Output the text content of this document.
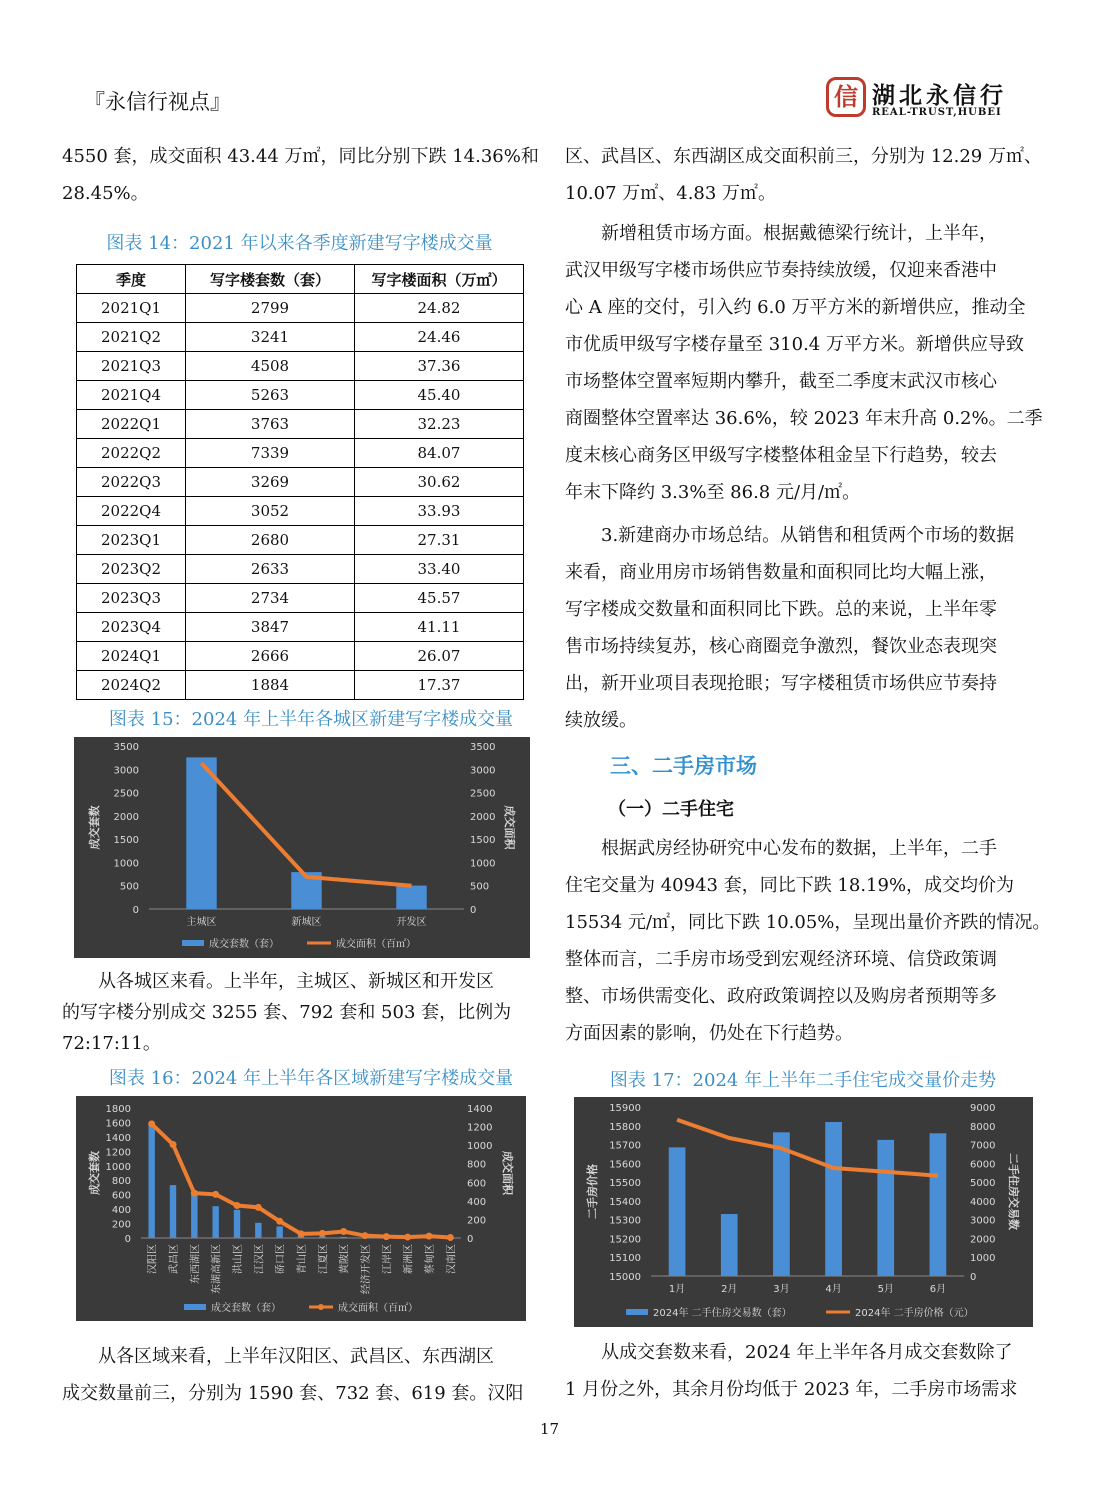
『永信行视点』	信 湖北永信行
REAL-TRUST,HUBEI

4550 套，成交面积 43.44 万㎡，同比分别下跌 14.36%和

28.45%。

图表 14：2021 年以来各季度新建写字楼成交量
季度	写字楼套数（套）	写字楼面积（万㎡）
2021Q1	2799	24.82
2021Q2	3241	24.46
2021Q3	4508	37.36
2021Q4	5263	45.40
2022Q1	3763	32.23
2022Q2	7339	84.07
2022Q3	3269	30.62
2022Q4	3052	33.93
2023Q1	2680	27.31
2023Q2	2633	33.40
2023Q3	2734	45.57
2023Q4	3847	41.11
2024Q1	2666	26.07
2024Q2	1884	17.37
图表 15：2024 年上半年各城区新建写字楼成交量
0
500
1000
1500
2000
2500
3000
3500
0
500
1000
1500
2000
2500
3000
3500
成交套数	成交面积
主城区	新城区	开发区
成交套数（套）	成交面积（百㎡）

从各城区来看。上半年，主城区、新城区和开发区

的写字楼分别成交 3255 套、792 套和 503 套，比例为

72:17:11。

图表 16：2024 年上半年各区域新建写字楼成交量
0
200
400
600
800
1000
1200
1400
1600
1800
0
200
400
600
800
1000
1200
1400
成交套数	成交面积
汉阳区 武昌区 东西湖区 东湖高新区 洪山区 江汉区 硚口区 青山区 江夏区 黄陂区 经济开发区 江岸区 新洲区 蔡甸区 汉南区
成交套数（套）	成交面积（百㎡）

从各区域来看，上半年汉阳区、武昌区、东西湖区

成交数量前三，分别为 1590 套、732 套、619 套。汉阳

区、武昌区、东西湖区成交面积前三，分别为 12.29 万㎡、

10.07 万㎡、4.83 万㎡。

新增租赁市场方面。根据戴德梁行统计，上半年，

武汉甲级写字楼市场供应节奏持续放缓，仅迎来香港中

心 A 座的交付，引入约 6.0 万平方米的新增供应，推动全

市优质甲级写字楼存量至 310.4 万平方米。新增供应导致

市场整体空置率短期内攀升，截至二季度末武汉市核心

商圈整体空置率达 36.6%，较 2023 年末升高 0.2%。二季

度末核心商务区甲级写字楼整体租金呈下行趋势，较去

年末下降约 3.3%至 86.8 元/月/㎡。

3.新建商办市场总结。从销售和租赁两个市场的数据

来看，商业用房市场销售数量和面积同比均大幅上涨，

写字楼成交数量和面积同比下跌。总的来说，上半年零

售市场持续复苏，核心商圈竞争激烈，餐饮业态表现突

出，新开业项目表现抢眼；写字楼租赁市场供应节奏持

续放缓。

三、二手房市场
（一）二手住宅

根据武房经协研究中心发布的数据，上半年，二手

住宅交量为 40943 套，同比下跌 18.19%，成交均价为

15534 元/㎡，同比下跌 10.05%，呈现出量价齐跌的情况。

整体而言，二手房市场受到宏观经济环境、信贷政策调

整、市场供需变化、政府政策调控以及购房者预期等多

方面因素的影响，仍处在下行趋势。

图表 17：2024 年上半年二手住宅成交量价走势
15000
15100
15200
15300
15400
15500
15600
15700
15800
15900
0
1000
2000
3000
4000
5000
6000
7000
8000
9000
二手房价格	二手住房交易数
1月	2月	3月	4月	5月	6月
2024年 二手住房交易数（套）	2024年 二手房价格（元）

从成交套数来看，2024 年上半年各月成交套数除了

1 月份之外，其余月份均低于 2023 年，二手房市场需求

17
